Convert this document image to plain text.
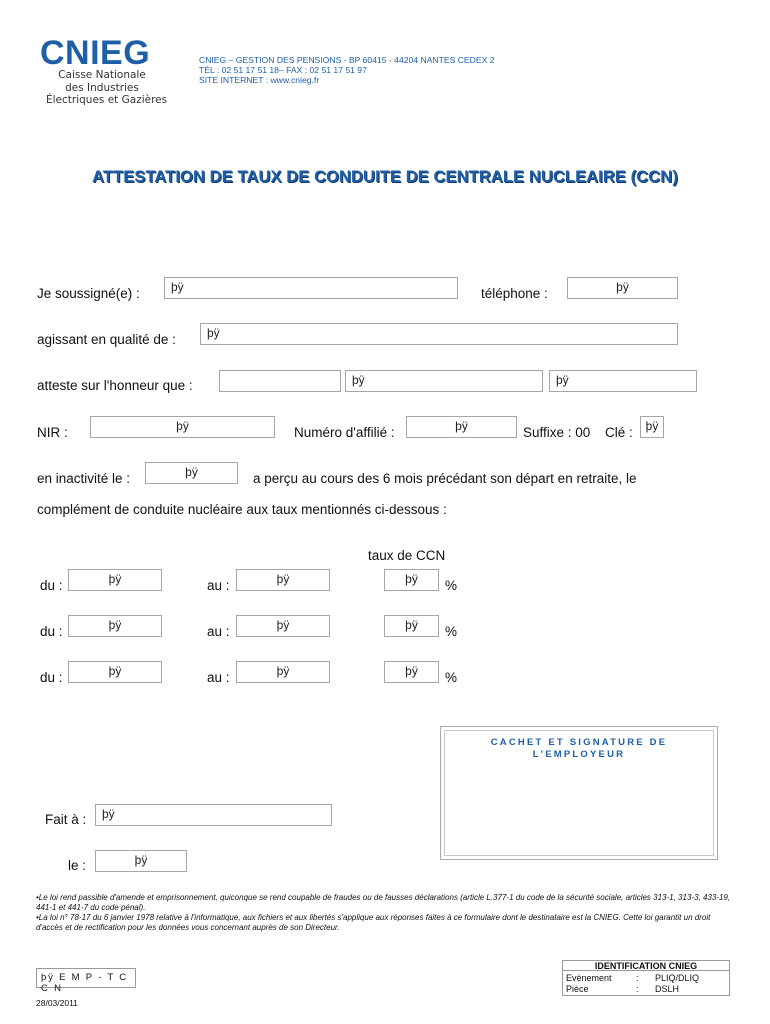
CNIEG
Caisse Nationale
des Industries
Électriques et Gazières
CNIEG – GESTION DES PENSIONS - BP 60415 - 44204 NANTES CEDEX 2
TÉL : 02 51 17 51 18– FAX : 02 51 17 51 97
SITE INTERNET : www.cnieg.fr
ATTESTATION DE TAUX DE CONDUITE DE CENTRALE NUCLEAIRE (CCN)
Je soussigné(e) :	þÿ	téléphone :	þÿ
agissant en qualité de :	þÿ
atteste sur l'honneur que :	þÿ	þÿ
NIR :	þÿ	Numéro d'affilié :	þÿ	Suffixe : 00 Clé :	þÿ
en inactivité le :	þÿ	a perçu au cours des 6 mois précédant son départ en retraite, le
complément de conduite nucléaire aux taux mentionnés ci-dessous :
taux de CCN
du :	þÿ	au :	þÿ	þÿ	%
du :	þÿ	au :	þÿ	þÿ	%
du :	þÿ	au :	þÿ	þÿ	%
CACHET ET SIGNATURE DE
L'EMPLOYEUR
Fait à :	þÿ
le :	þÿ
•Le loi rend passible d'amende et emprisonnement, quiconque se rend coupable de fraudes ou de fausses déclarations (article L.377-1 du code de la sécurité sociale, articles 313-1, 313-3, 433-19, 441-1 et 441-7 du code pénal).
•La loi n° 78-17 du 6 janvier 1978 relative à l'informatique, aux fichiers et aux libertés s'applique aux réponses faites à ce formulaire dont le destinataire est la CNIEG. Cette loi garantit un droit d'accès et de rectification pour les données vous concernant auprès de son Directeur.
þÿ E M P - T C C N
28/03/2011
IDENTIFICATION CNIEG
Evènement	: PLIQ/DLIQ
Pièce	: DSLH
